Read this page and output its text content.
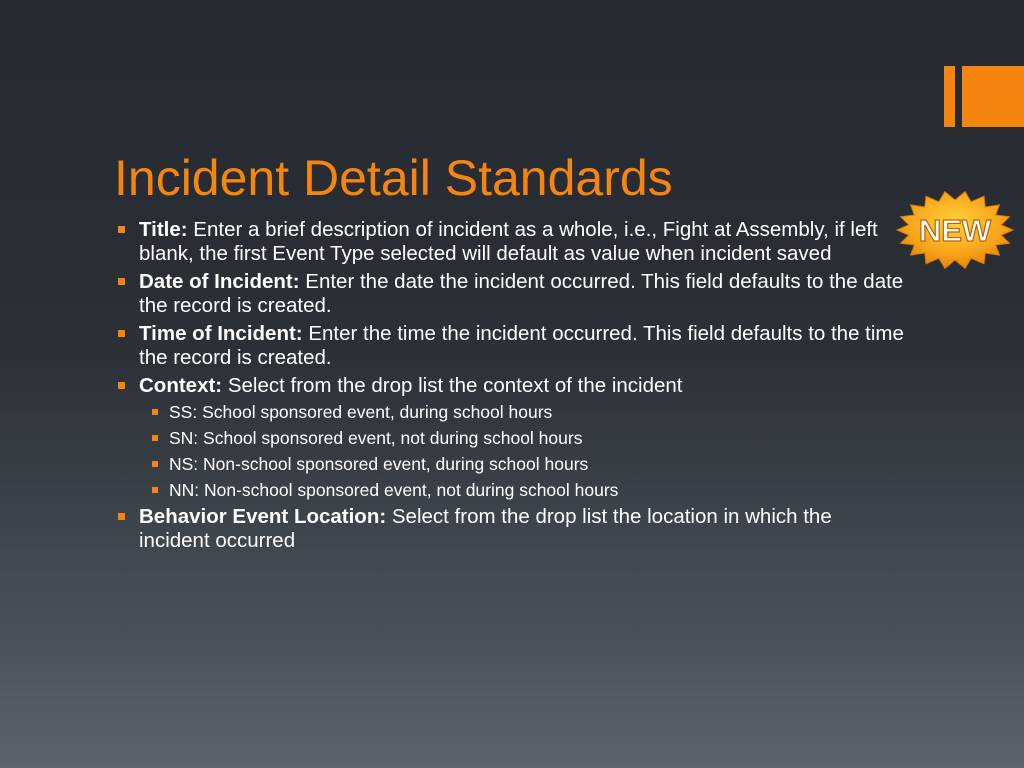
NEW
Incident Detail Standards
Title: Enter a brief description of incident as a whole, i.e., Fight at Assembly, if left blank, the first Event Type selected will default as value when incident saved
Date of Incident: Enter the date the incident occurred. This field defaults to the date the record is created.
Time of Incident: Enter the time the incident occurred. This field defaults to the time the record is created.
Context: Select from the drop list the context of the incident
SS: School sponsored event, during school hours
SN: School sponsored event, not during school hours
NS: Non-school sponsored event, during school hours
NN: Non-school sponsored event, not during school hours
Behavior Event Location: Select from the drop list the location in which the incident occurred
